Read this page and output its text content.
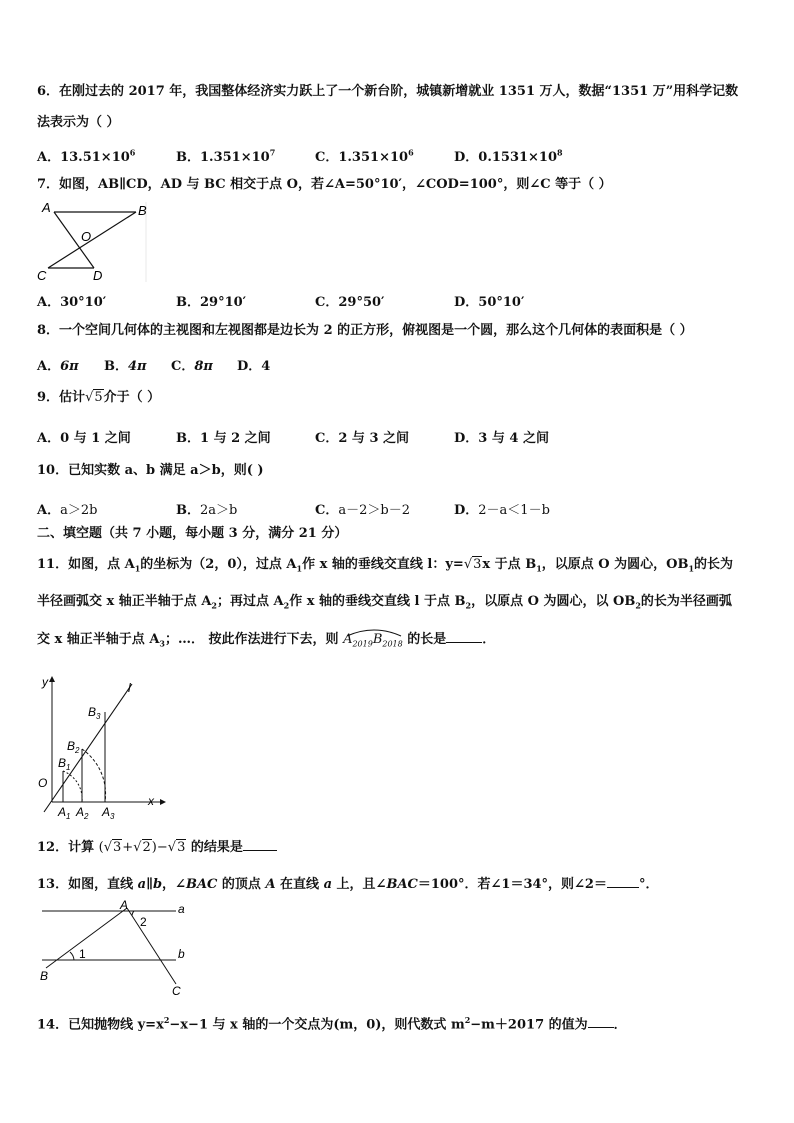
6．在刚过去的 2017 年，我国整体经济实力跃上了一个新台阶，城镇新增就业 1351 万人，数据“1351 万”用科学记数
法表示为（ ）
A．$13.51\times 10^6$	B．$1.351\times 10^7$	C．$1.351\times 10^6$	D．$0.1531\times 10^8$
7．如图，AB∥CD，AD 与 BC 相交于点 O，若∠A=50°10′，∠COD=100°，则∠C 等于（ ）
A	B
O
C	D
A．30°10′	B．29°10′	C．29°50′	D．50°10′
8．一个空间几何体的主视图和左视图都是边长为 2 的正方形，俯视图是一个圆，那么这个几何体的表面积是（ ）
A．6π B．4π C．8π D．4
9．估计√5介于（ ）
A．0 与 1 之间	B．1 与 2 之间	C．2 与 3 之间	D．3 与 4 之间
10．已知实数 a、b 满足 a＞b，则( )
A．a＞2b	B．2a＞b	C．a－2＞b－2	D．2－a＜1－b
二、填空题（共 7 小题，每小题 3 分，满分 21 分）
11．如图，点 $A_1$的坐标为（2，0），过点 $A_1$作 x 轴的垂线交直线 l：y=√3x 于点 $B_1$，以原点 O 为圆心，$OB_1$的长为
半径画弧交 x 轴正半轴于点 $A_2$；再过点 $A_2$作 x 轴的垂线交直线 l 于点 $B_2$，以原点 O 为圆心，以 $OB_2$的长为半径画弧
交 x 轴正半轴于点 $A_3$；…． 按此作法进行下去，则 $A_{2019}B_{2018}$ 的长是	．
y
x
l
O
$B_3$
$B_2$
$B_1$
$A_1$ $A_2$ $A_3$
12．计算 (√3+√2)−√3 的结果是
13．如图，直线 a∥b，∠BAC 的顶点 A 在直线 a 上，且∠BAC＝100°．若∠1＝34°，则∠2＝ °．
A	a
b
B
C
1
2
14．已知抛物线 $y=x^2-x-1$ 与 x 轴的一个交点为(m，0)，则代数式 $m^2-m+2017$ 的值为 ．
